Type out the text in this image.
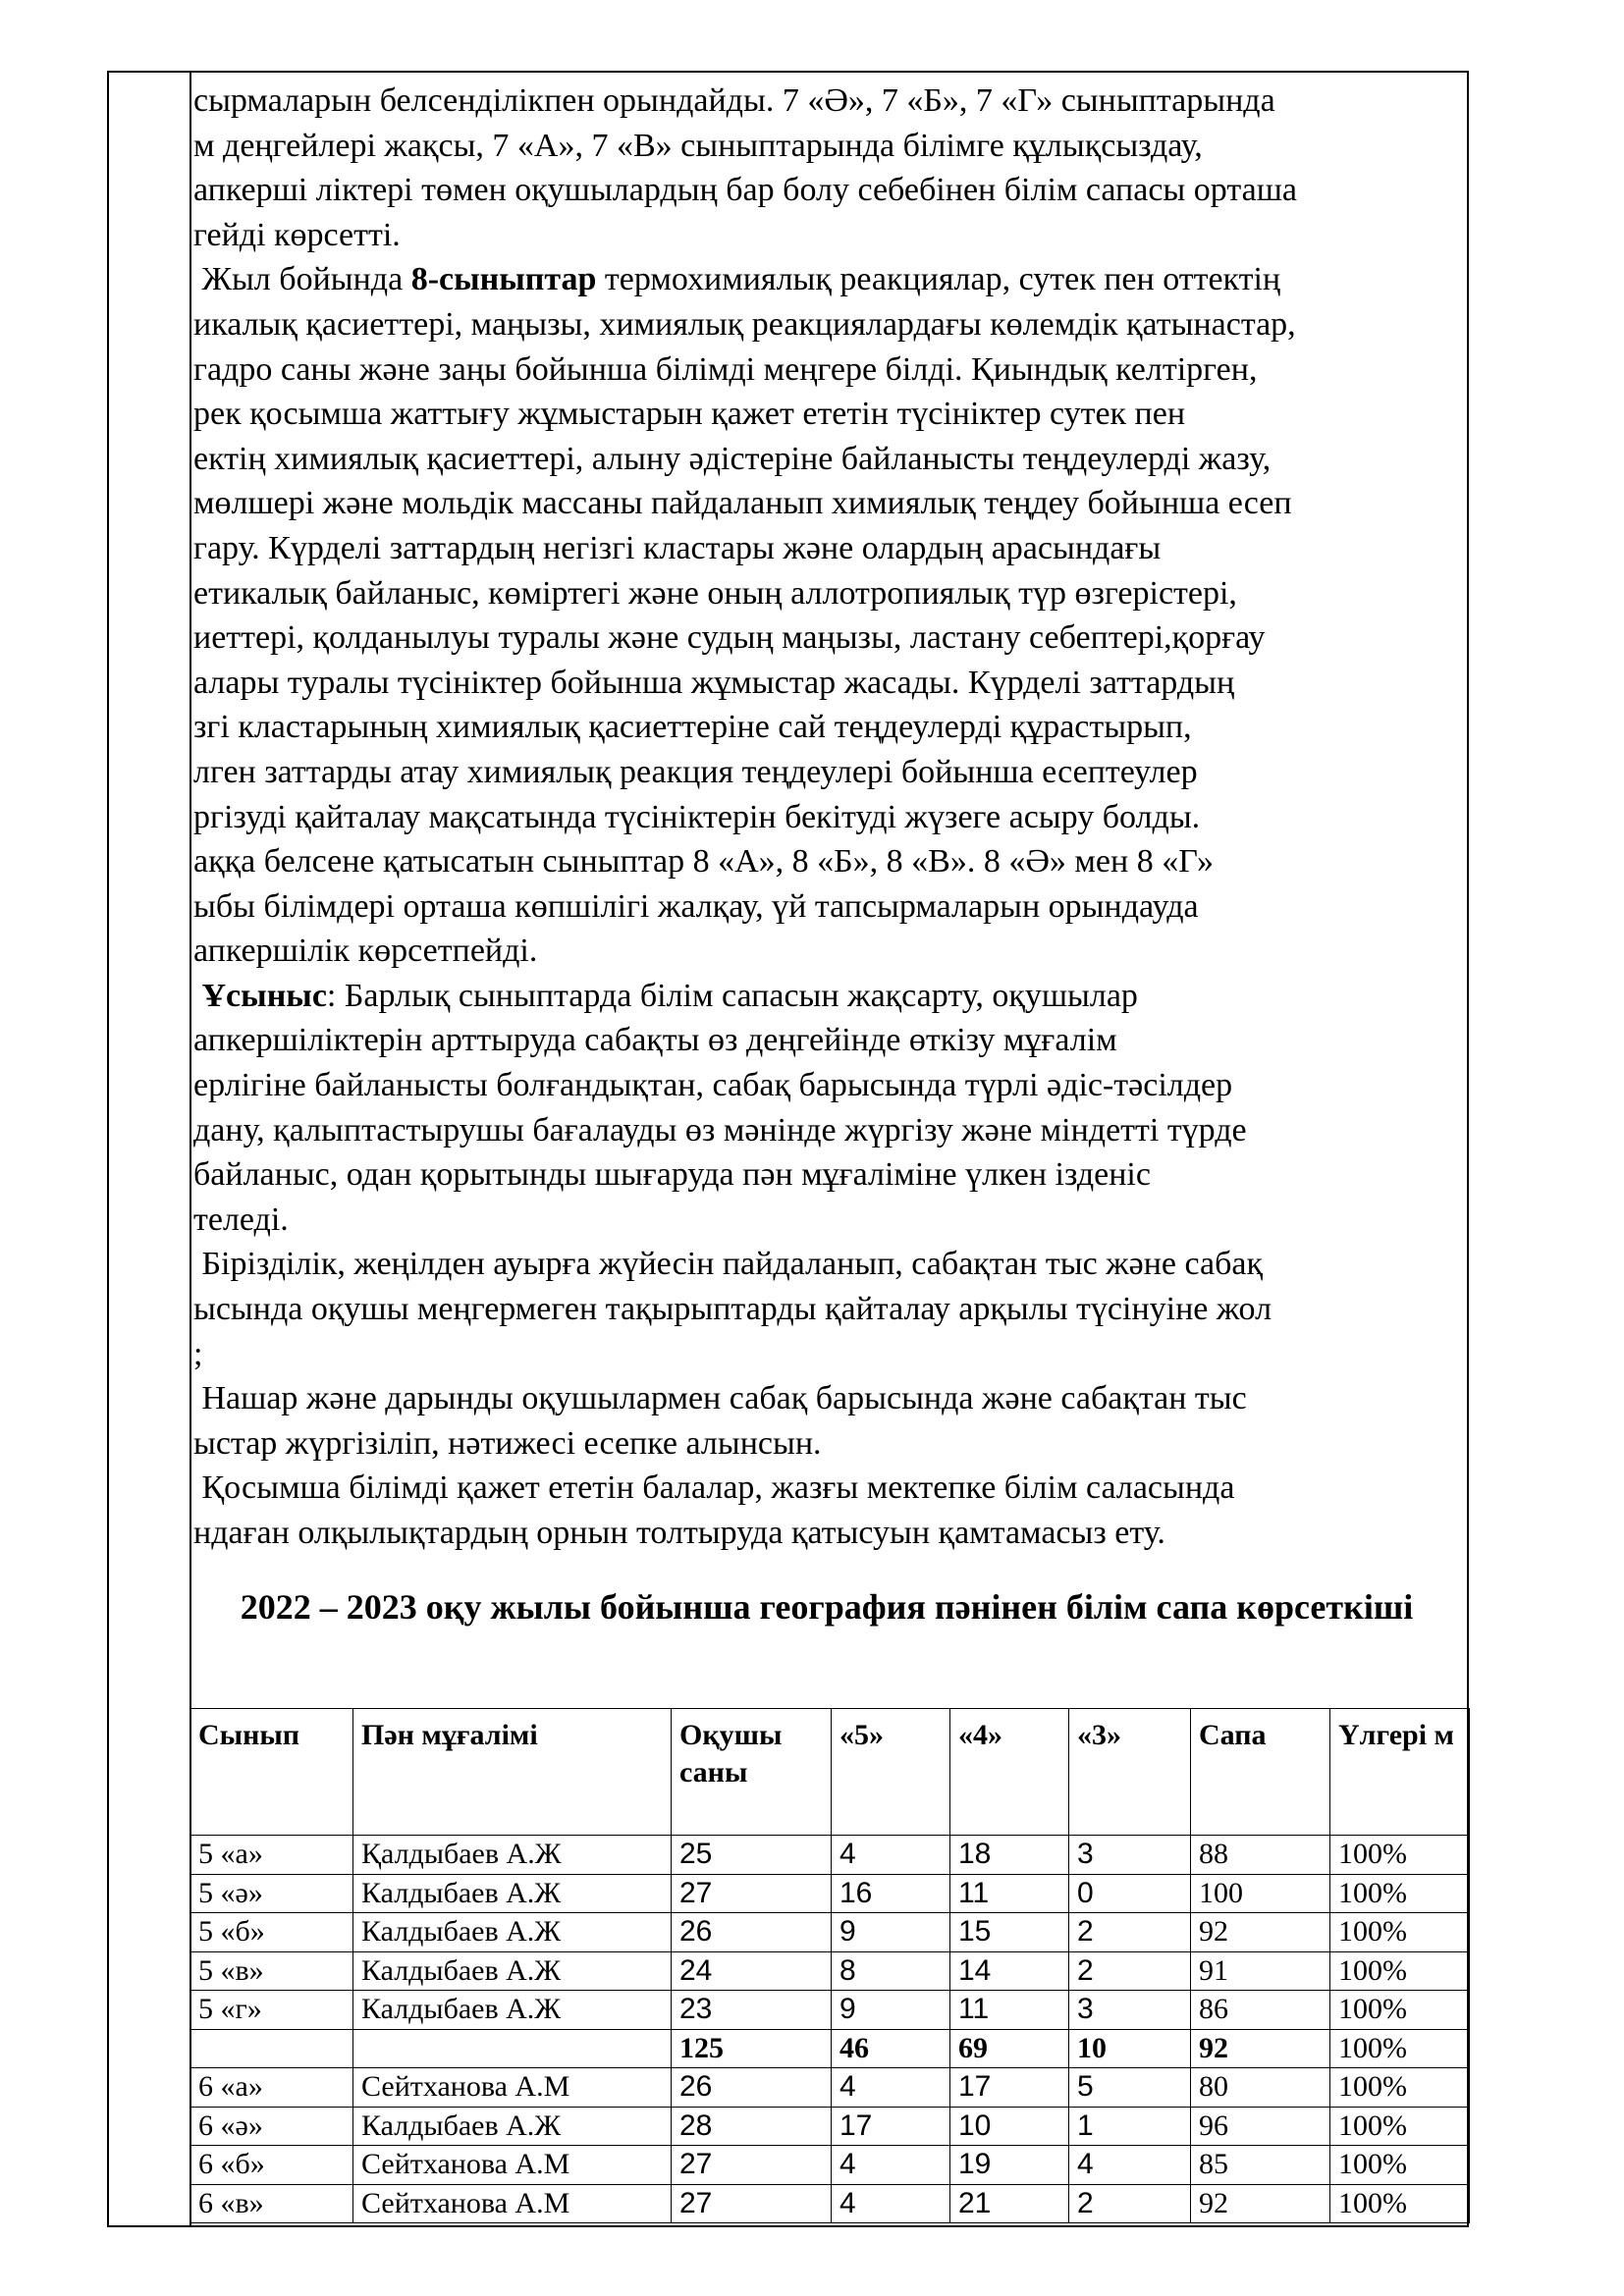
сырмаларын белсенділікпен орындайды. 7 «Ә», 7 «Б», 7 «Г» сыныптарында
м деңгейлері жақсы, 7 «А», 7 «В» сыныптарында білімге құлықсыздау,
апкерші ліктері төмен оқушылардың бар болу себебінен білім сапасы орташа
гейді көрсетті.
Жыл бойында 8-сыныптар термохимиялық реакциялар, сутек пен оттектің
икалық қасиеттері, маңызы, химиялық реакциялардағы көлемдік қатынастар,
гадро саны және заңы бойынша білімді меңгере білді. Қиындық келтірген,
рек қосымша жаттығу жұмыстарын қажет ететін түсініктер сутек пен
ектің химиялық қасиеттері, алыну әдістеріне байланысты теңдеулерді жазу,
мөлшері және мольдік массаны пайдаланып химиялық теңдеу бойынша есеп
гару. Күрделі заттардың негізгі кластары және олардың арасындағы
етикалық байланыс, көміртегі және оның аллотропиялық түр өзгерістері,
иеттері, қолданылуы туралы және судың маңызы, ластану себептері,қорғау
алары туралы түсініктер бойынша жұмыстар жасады. Күрделі заттардың
згі кластарының химиялық қасиеттеріне сай теңдеулерді құрастырып,
лген заттарды атау химиялық реакция теңдеулері бойынша есептеулер
ргізуді қайталау мақсатында түсініктерін бекітуді жүзеге асыру болды.
аққа белсене қатысатын сыныптар 8 «А», 8 «Б», 8 «В». 8 «Ә» мен 8 «Г»
ыбы білімдері орташа көпшілігі жалқау, үй тапсырмаларын орындауда
апкершілік көрсетпейді.
Ұсыныс: Барлық сыныптарда білім сапасын жақсарту, оқушылар
апкершіліктерін арттыруда сабақты өз деңгейінде өткізу мұғалім
ерлігіне байланысты болғандықтан, сабақ барысында түрлі әдіс-тәсілдер
дану, қалыптастырушы бағалауды өз мәнінде жүргізу және міндетті түрде
байланыс, одан қорытынды шығаруда пән мұғаліміне үлкен ізденіс
теледі.
Біріздiлік, жеңілден ауырға жүйесін пайдаланып, сабақтан тыс және сабақ
ысында оқушы меңгермеген тақырыптарды қайталау арқылы түсінуіне жол
;
Нашар және дарынды оқушылармен сабақ барысында және сабақтан тыс
ыстар жүргізіліп, нәтижесі есепке алынсын.
Қосымша білімді қажет ететін балалар, жазғы мектепке білім саласында
ндаған олқылықтардың орнын толтыруда қатысуын қамтамасыз ету.
2022 – 2023 оқу жылы бойынша география пәнінен білім сапа көрсеткіші
Сынып	Пән мұғалімі	Оқушы саны	«5»	«4»	«3»	Сапа	Үлгері м
5 «а»	Қалдыбаев А.Ж	25	4	18	3	88	100%
5 «ә»	Калдыбаев А.Ж	27	16	11	0	100	100%
5 «б»	Калдыбаев А.Ж	26	9	15	2	92	100%
5 «в»	Калдыбаев А.Ж	24	8	14	2	91	100%
5 «г»	Калдыбаев А.Ж	23	9	11	3	86	100%
		125	46	69	10	92	100%
6 «а»	Сейтханова А.М	26	4	17	5	80	100%
6 «ә»	Калдыбаев А.Ж	28	17	10	1	96	100%
6 «б»	Сейтханова А.М	27	4	19	4	85	100%
6 «в»	Сейтханова А.М	27	4	21	2	92	100%
